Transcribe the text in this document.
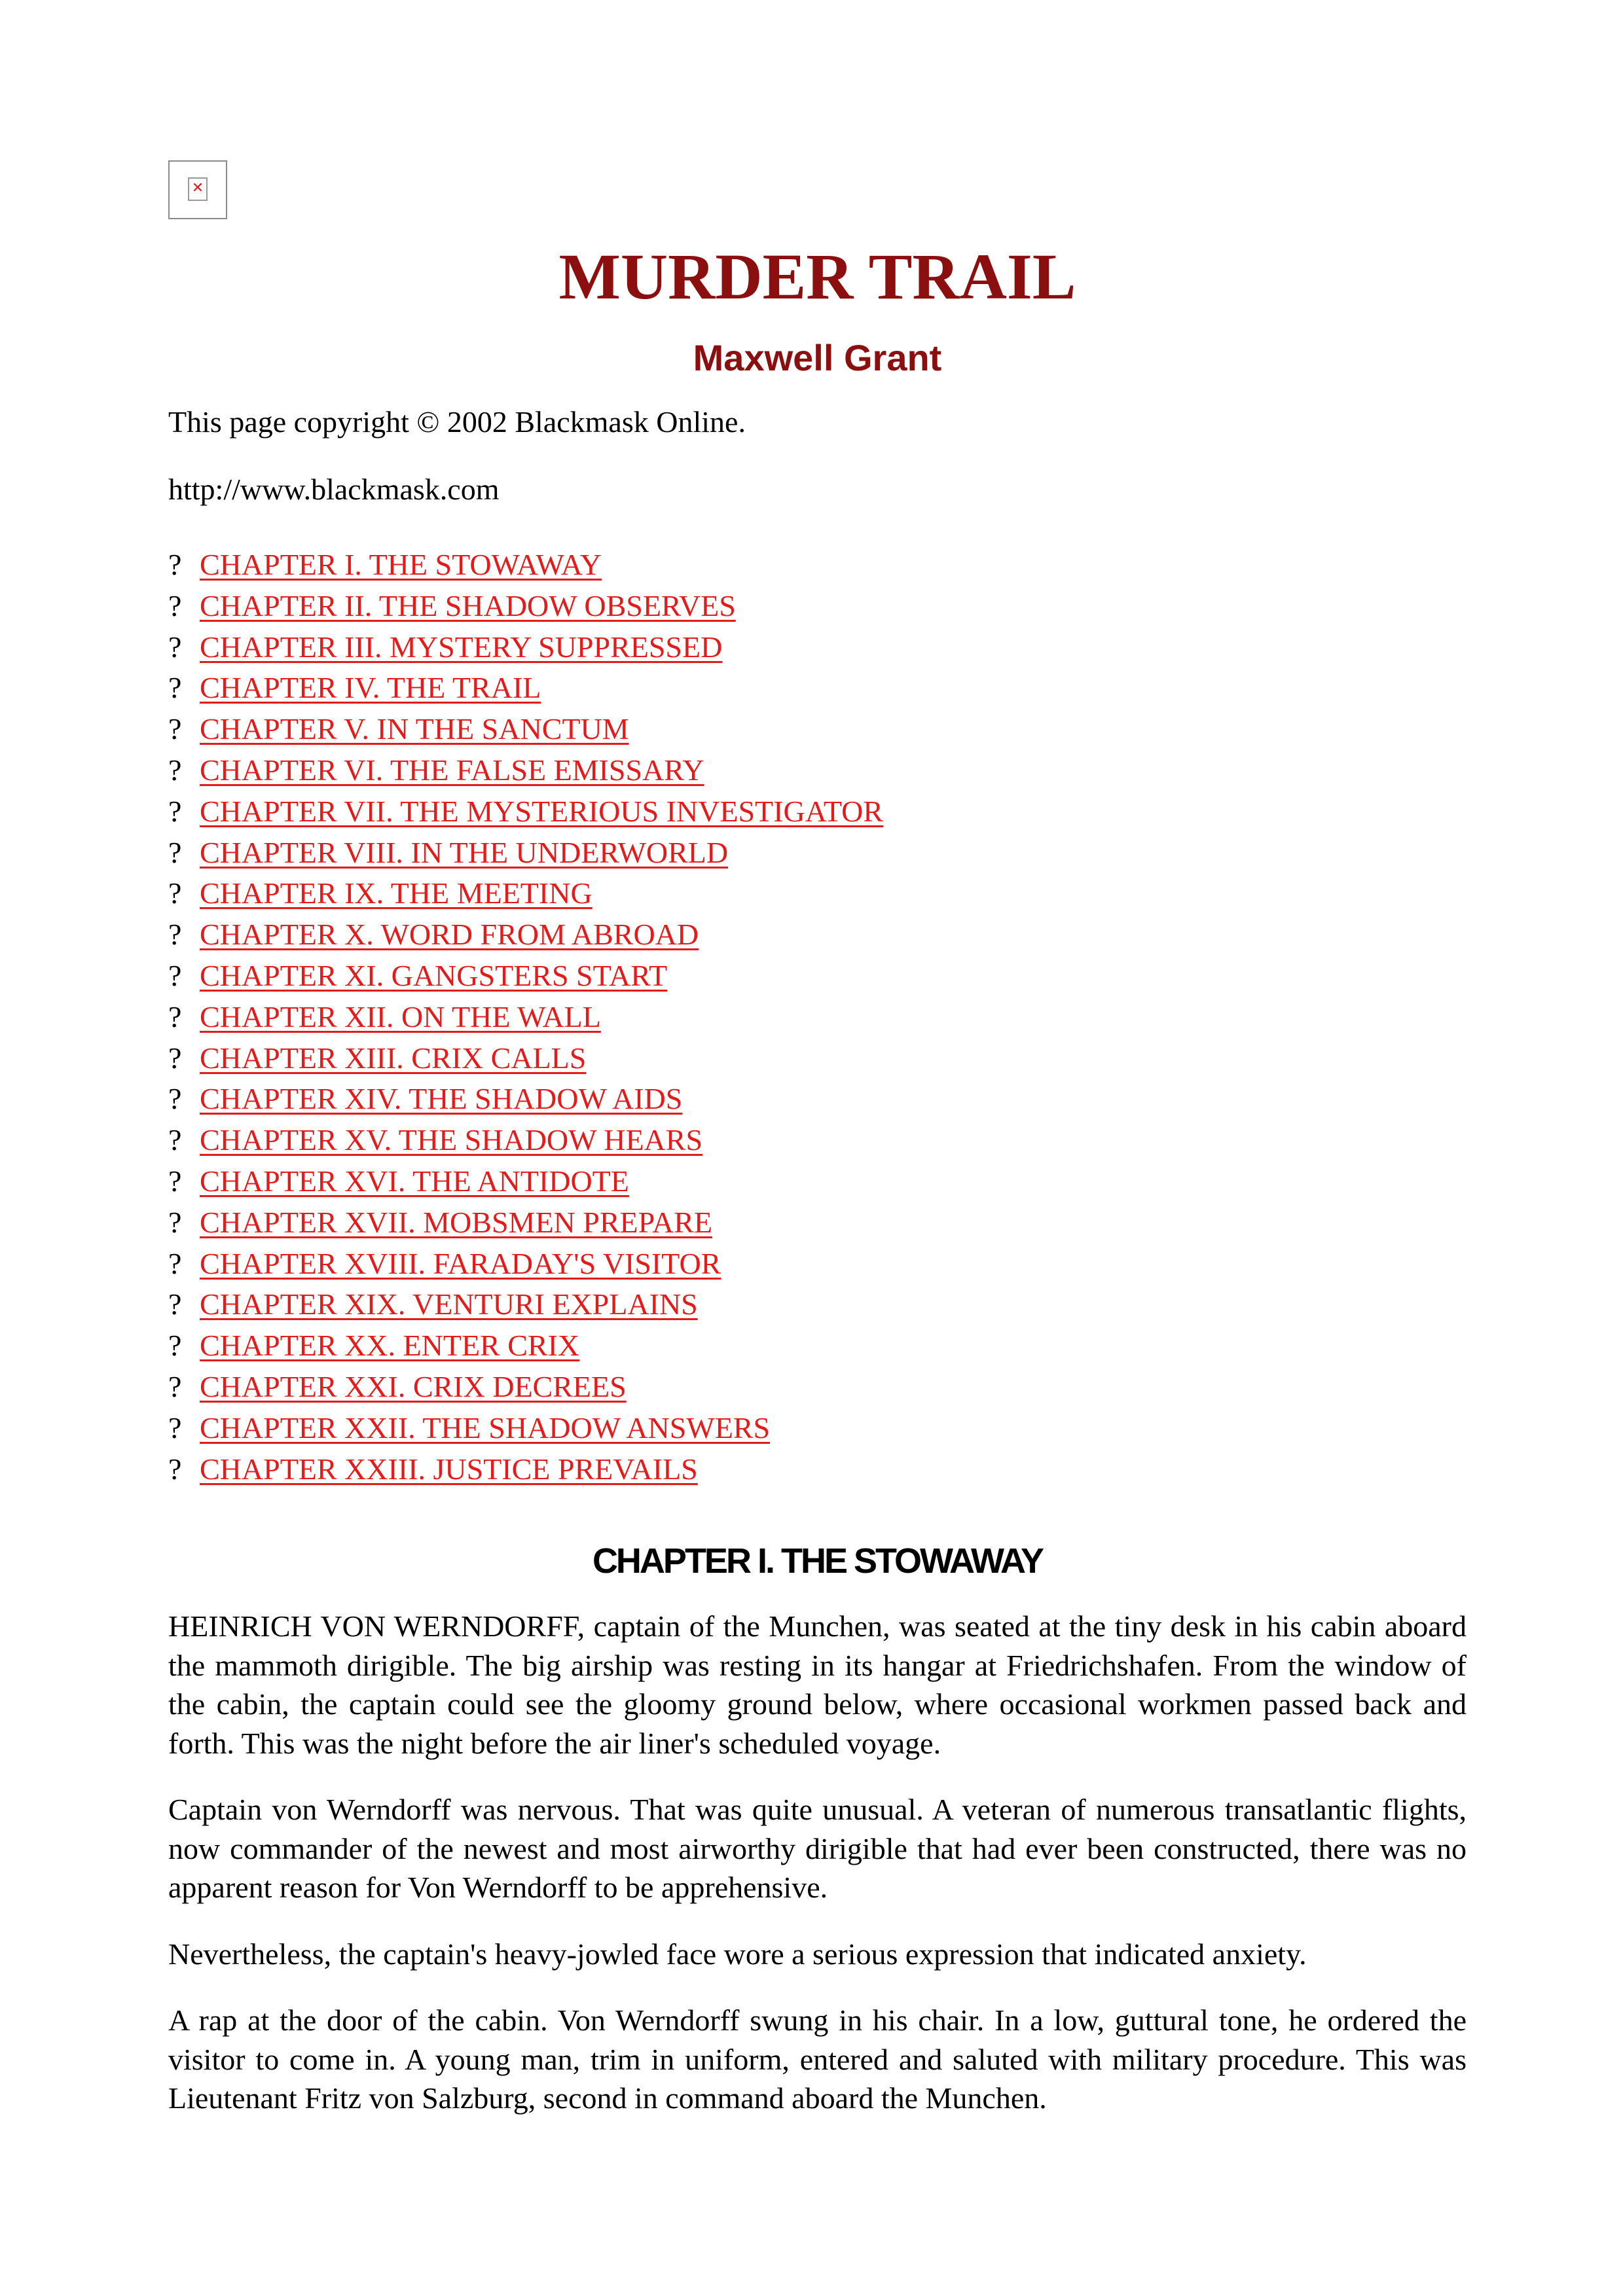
✕
MURDER TRAIL
Maxwell Grant

This page copyright © 2002 Blackmask Online.

http://www.blackmask.com

? CHAPTER I. THE STOWAWAY
? CHAPTER II. THE SHADOW OBSERVES
? CHAPTER III. MYSTERY SUPPRESSED
? CHAPTER IV. THE TRAIL
? CHAPTER V. IN THE SANCTUM
? CHAPTER VI. THE FALSE EMISSARY
? CHAPTER VII. THE MYSTERIOUS INVESTIGATOR
? CHAPTER VIII. IN THE UNDERWORLD
? CHAPTER IX. THE MEETING
? CHAPTER X. WORD FROM ABROAD
? CHAPTER XI. GANGSTERS START
? CHAPTER XII. ON THE WALL
? CHAPTER XIII. CRIX CALLS
? CHAPTER XIV. THE SHADOW AIDS
? CHAPTER XV. THE SHADOW HEARS
? CHAPTER XVI. THE ANTIDOTE
? CHAPTER XVII. MOBSMEN PREPARE
? CHAPTER XVIII. FARADAY'S VISITOR
? CHAPTER XIX. VENTURI EXPLAINS
? CHAPTER XX. ENTER CRIX
? CHAPTER XXI. CRIX DECREES
? CHAPTER XXII. THE SHADOW ANSWERS
? CHAPTER XXIII. JUSTICE PREVAILS
CHAPTER I. THE STOWAWAY

HEINRICH VON WERNDORFF, captain of the Munchen, was seated at the tiny desk in his cabin aboard the mammoth dirigible. The big airship was resting in its hangar at Friedrichshafen. From the window of the cabin, the captain could see the gloomy ground below, where occasional workmen passed back and forth. This was the night before the air liner's scheduled voyage.

Captain von Werndorff was nervous. That was quite unusual. A veteran of numerous transatlantic flights, now commander of the newest and most airworthy dirigible that had ever been constructed, there was no apparent reason for Von Werndorff to be apprehensive.

Nevertheless, the captain's heavy-jowled face wore a serious expression that indicated anxiety.

A rap at the door of the cabin. Von Werndorff swung in his chair. In a low, guttural tone, he ordered the visitor to come in. A young man, trim in uniform, entered and saluted with military procedure. This was Lieutenant Fritz von Salzburg, second in command aboard the Munchen.
